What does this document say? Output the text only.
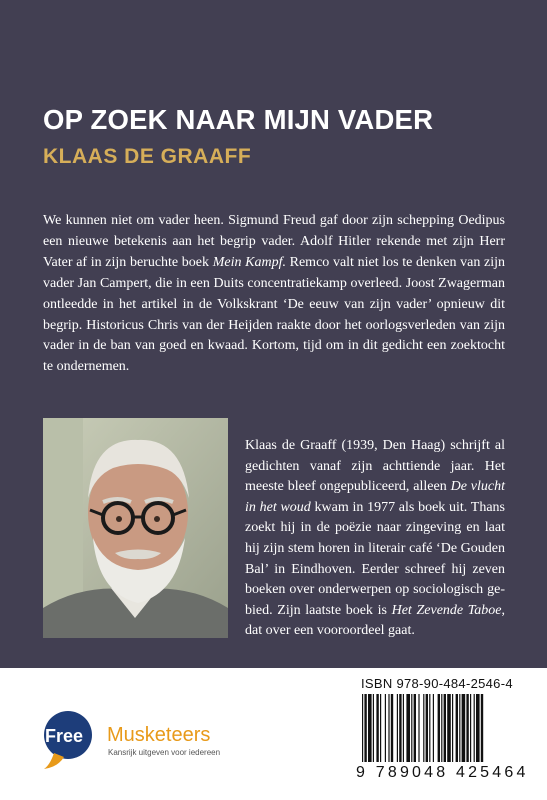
OP ZOEK NAAR MIJN VADER
KLAAS DE GRAAFF

We kunnen niet om vader heen. Sigmund Freud gaf door zijn schepping Oedipus een nieuwe betekenis aan het begrip vader. Adolf Hitler rekende met zijn Herr Vater af in zijn beruchte boek Mein Kampf. Remco valt niet los te denken van zijn vader Jan Campert, die in een Duits concentratiekamp overleed. Joost Zwagerman ontleedde in het artikel in de Volkskrant ‘De eeuw van zijn vader’ opnieuw dit begrip. Historicus Chris van der Heijden raakte door het oorlogsverleden van zijn vader in de ban van goed en kwaad. Kortom, tijd om in dit gedicht een zoektocht te ondernemen.

Klaas de Graaff (1939, Den Haag) schrijft al gedichten vanaf zijn achttiende jaar. Het meeste bleef ongepubliceerd, alleen De vlucht in het woud kwam in 1977 als boek uit. Thans zoekt hij in de poëzie naar zingeving en laat hij zijn stem horen in literair café ‘De Gouden Bal’ in Eindhoven. Eerder schreef hij zeven boeken over onderwerpen op sociologisch gebied. Zijn laatste boek is Het Zevende Taboe, dat over een vooroordeel gaat.

Free Musketeers
Kansrijk uitgeven voor iedereen
ISBN 978-90-484-2546-4
9 789048 425464
